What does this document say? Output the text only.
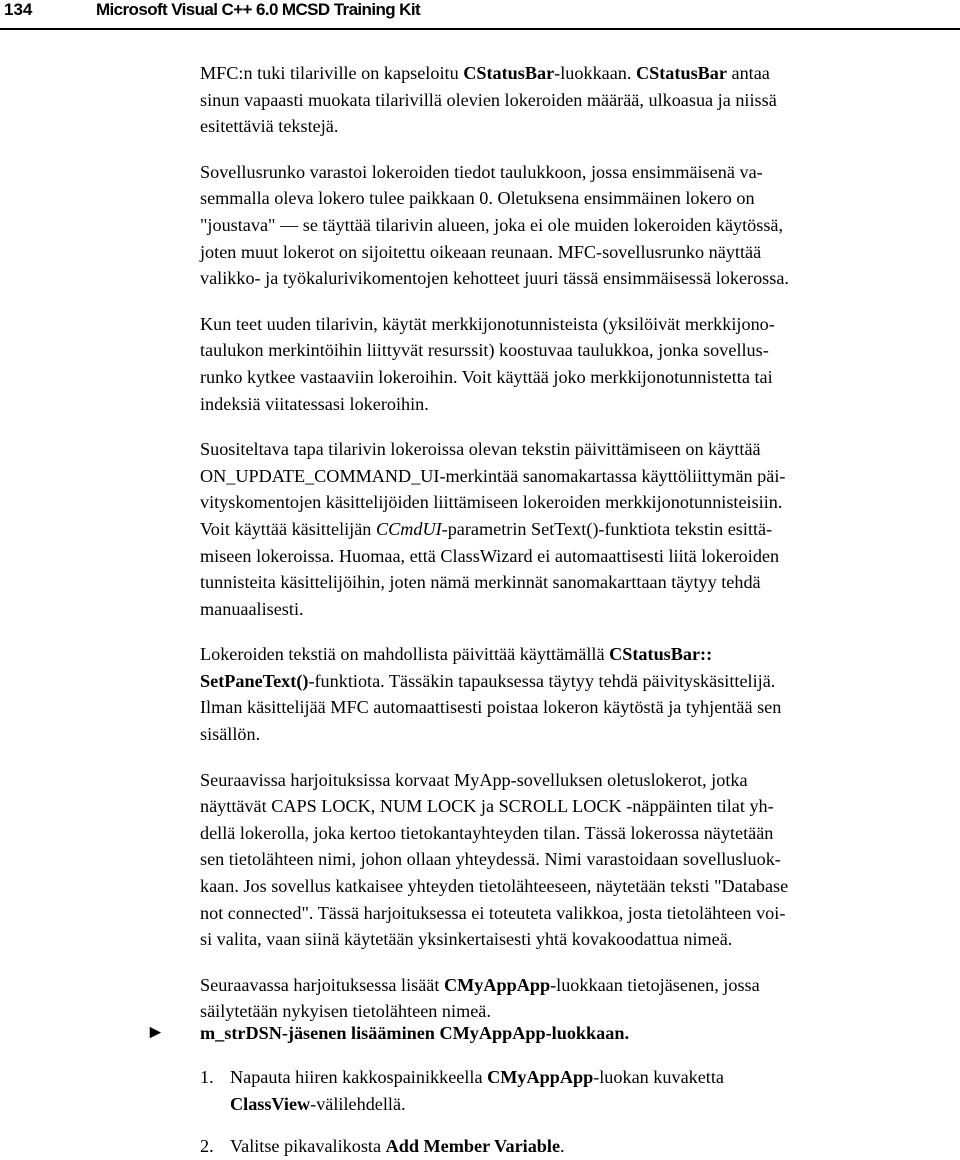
134	Microsoft Visual C++ 6.0 MCSD Training Kit
MFC:n tuki tilariville on kapseloitu CStatusBar-luokkaan. CStatusBar antaa
sinun vapaasti muokata tilarivillä olevien lokeroiden määrää, ulkoasua ja niissä
esitettäviä tekstejä.
Sovellusrunko varastoi lokeroiden tiedot taulukkoon, jossa ensimmäisenä va-
semmalla oleva lokero tulee paikkaan 0. Oletuksena ensimmäinen lokero on
"joustava" — se täyttää tilarivin alueen, joka ei ole muiden lokeroiden käytössä,
joten muut lokerot on sijoitettu oikeaan reunaan. MFC-sovellusrunko näyttää
valikko- ja työkalurivikomentojen kehotteet juuri tässä ensimmäisessä lokerossa.
Kun teet uuden tilarivin, käytät merkkijonotunnisteista (yksilöivät merkkijono-
taulukon merkintöihin liittyvät resurssit) koostuvaa taulukkoa, jonka sovellus-
runko kytkee vastaaviin lokeroihin. Voit käyttää joko merkkijonotunnistetta tai
indeksiä viitatessasi lokeroihin.
Suositeltava tapa tilarivin lokeroissa olevan tekstin päivittämiseen on käyttää
ON_UPDATE_COMMAND_UI-merkintää sanomakartassa käyttöliittymän päi-
vityskomentojen käsittelijöiden liittämiseen lokeroiden merkkijonotunnisteisiin.
Voit käyttää käsittelijän CCmdUI-parametrin SetText()-funktiota tekstin esittä-
miseen lokeroissa. Huomaa, että ClassWizard ei automaattisesti liitä lokeroiden
tunnisteita käsittelijöihin, joten nämä merkinnät sanomakarttaan täytyy tehdä
manuaalisesti.
Lokeroiden tekstiä on mahdollista päivittää käyttämällä CStatusBar::
SetPaneText()-funktiota. Tässäkin tapauksessa täytyy tehdä päivityskäsittelijä.
Ilman käsittelijää MFC automaattisesti poistaa lokeron käytöstä ja tyhjentää sen
sisällön.
Seuraavissa harjoituksissa korvaat MyApp-sovelluksen oletuslokerot, jotka
näyttävät CAPS LOCK, NUM LOCK ja SCROLL LOCK -näppäinten tilat yh-
dellä lokerolla, joka kertoo tietokantayhteyden tilan. Tässä lokerossa näytetään
sen tietolähteen nimi, johon ollaan yhteydessä. Nimi varastoidaan sovellusluok-
kaan. Jos sovellus katkaisee yhteyden tietolähteeseen, näytetään teksti "Database
not connected". Tässä harjoituksessa ei toteuteta valikkoa, josta tietolähteen voi-
si valita, vaan siinä käytetään yksinkertaisesti yhtä kovakoodattua nimeä.
Seuraavassa harjoituksessa lisäät CMyAppApp-luokkaan tietojäsenen, jossa
säilytetään nykyisen tietolähteen nimeä.
►	m_strDSN-jäsenen lisääminen CMyAppApp-luokkaan.
1. Napauta hiiren kakkospainikkeella CMyAppApp-luokan kuvaketta
ClassView-välilehdellä.
2. Valitse pikavalikosta Add Member Variable.
